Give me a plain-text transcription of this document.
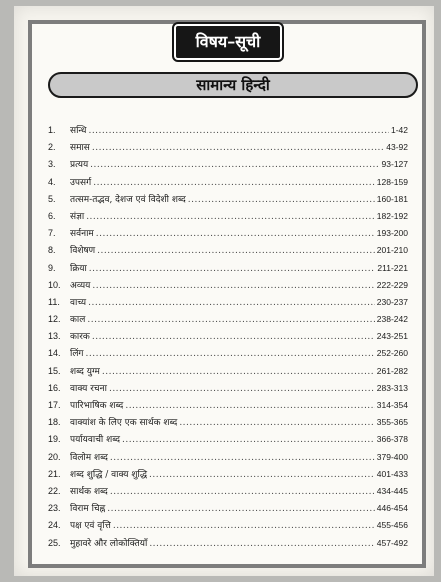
विषय–सूची
सामान्य हिन्दी
1.	सन्धि .....	1-42
2.	समास .....	43-92
3.	प्रत्यय .....	93-127
4.	उपसर्ग .....	128-159
5.	तत्सम-तद्भव, देशज एवं विदेशी शब्द .....	160-181
6.	संज्ञा .....	182-192
7.	सर्वनाम .....	193-200
8.	विशेषण .....	201-210
9.	क्रिया .....	211-221
10.	अव्यय .....	222-229
11.	वाच्य .....	230-237
12.	काल .....	238-242
13.	कारक .....	243-251
14.	लिंग .....	252-260
15.	शब्द युग्म .....	261-282
16.	वाक्य रचना .....	283-313
17.	पारिभाषिक शब्द .....	314-354
18.	वाक्यांश के लिए एक सार्थक शब्द .....	355-365
19.	पर्यायवाची शब्द .....	366-378
20.	विलोम शब्द .....	379-400
21.	शब्द शुद्धि / वाक्य शुद्धि .....	401-433
22.	सार्थक शब्द .....	434-445
23.	विराम चिह्न .....	446-454
24.	पक्ष एवं वृत्ति .....	455-456
25.	मुहावरे और लोकोक्तियाँ .....	457-492
